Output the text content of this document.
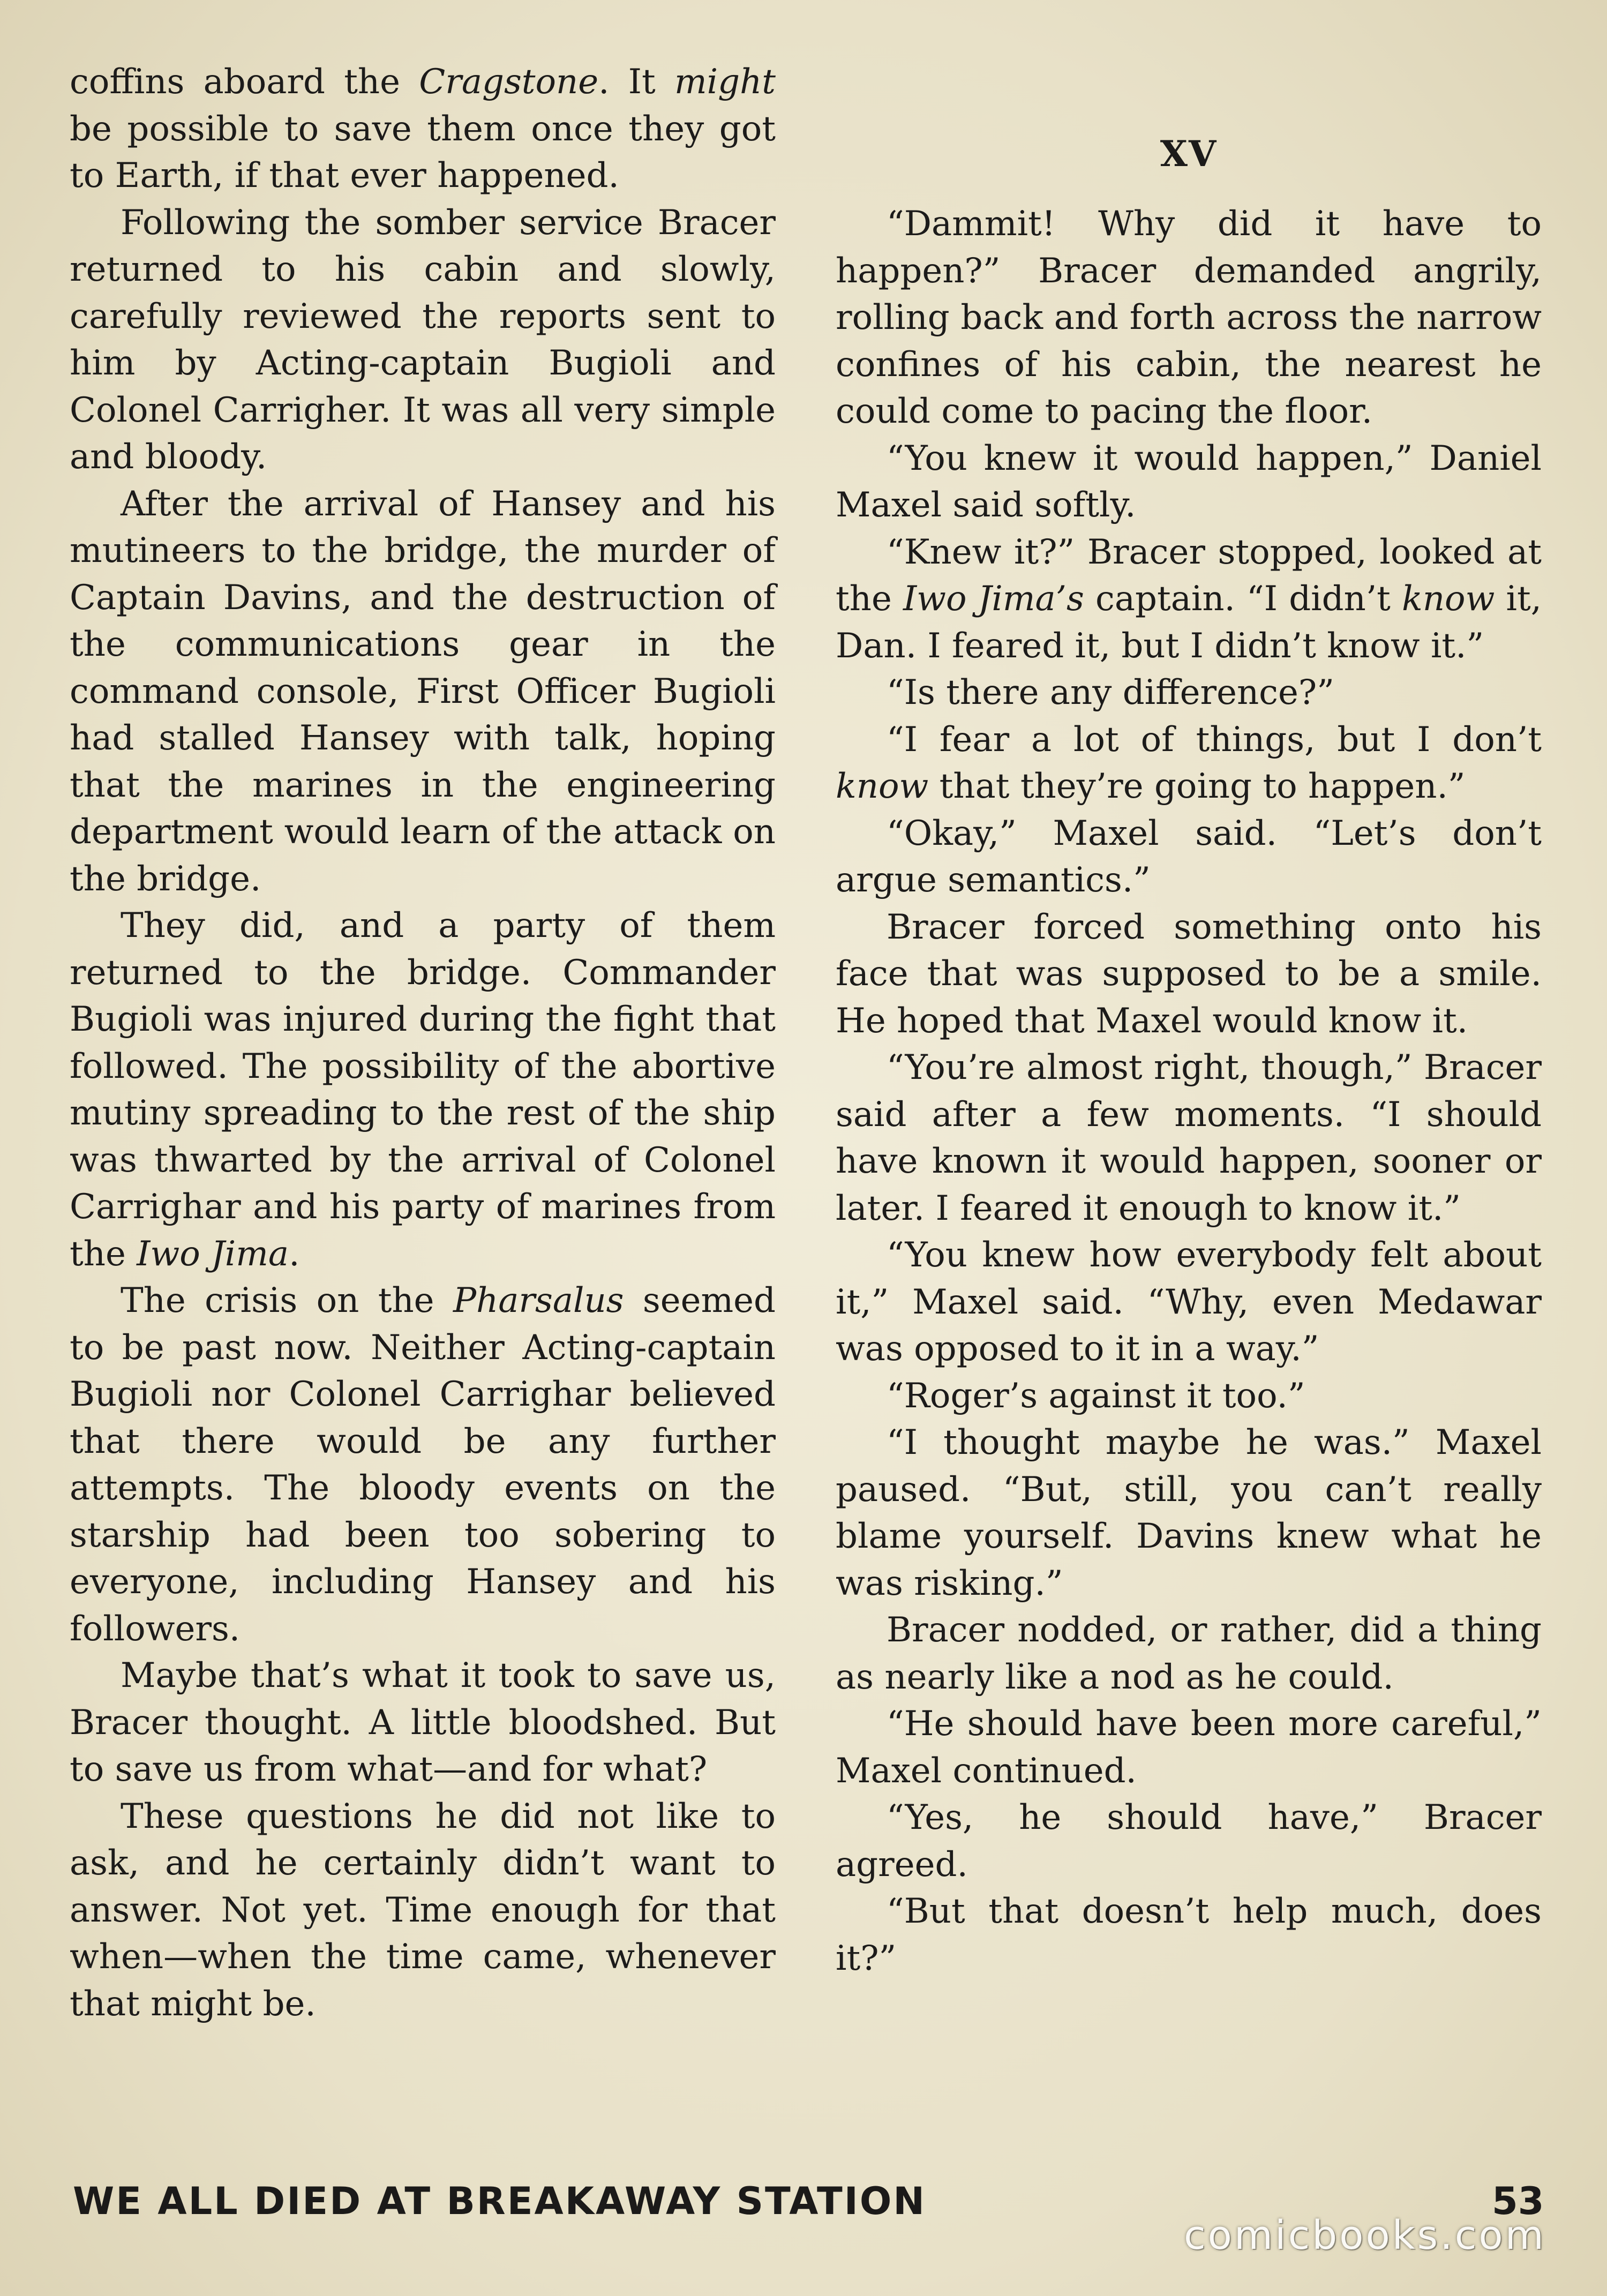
coffins aboard the Cragstone. It might be possible to save them once they got to Earth, if that ever happened.

Following the somber service Bracer returned to his cabin and slowly, carefully reviewed the reports sent to him by Acting-captain Bugioli and Colonel Carrigher. It was all very simple and bloody.

After the arrival of Hansey and his mutineers to the bridge, the murder of Captain Davins, and the destruction of the communications gear in the command console, First Officer Bugioli had stalled Hansey with talk, hoping that the marines in the engineering department would learn of the attack on the bridge.

They did, and a party of them returned to the bridge. Commander Bugioli was injured during the fight that followed. The possibility of the abortive mutiny spreading to the rest of the ship was thwarted by the arrival of Colonel Carrighar and his party of marines from the Iwo Jima.

The crisis on the Pharsalus seemed to be past now. Neither Acting-captain Bugioli nor Colonel Carrighar believed that there would be any further attempts. The bloody events on the starship had been too sobering to everyone, including Hansey and his followers.

Maybe that’s what it took to save us, Bracer thought. A little bloodshed. But to save us from what—and for what?

These questions he did not like to ask, and he certainly didn’t want to answer. Not yet. Time enough for that when—when the time came, whenever that might be.

XV

“Dammit! Why did it have to happen?” Bracer demanded angrily, rolling back and forth across the narrow confines of his cabin, the nearest he could come to pacing the floor.

“You knew it would happen,” Daniel Maxel said softly.

“Knew it?” Bracer stopped, looked at the Iwo Jima’s captain. “I didn’t know it, Dan. I feared it, but I didn’t know it.”

“Is there any difference?”

“I fear a lot of things, but I don’t know that they’re going to happen.”

“Okay,” Maxel said. “Let’s don’t argue semantics.”

Bracer forced something onto his face that was supposed to be a smile. He hoped that Maxel would know it.

“You’re almost right, though,” Bracer said after a few moments. “I should have known it would happen, sooner or later. I feared it enough to know it.”

“You knew how everybody felt about it,” Maxel said. “Why, even Medawar was opposed to it in a way.”

“Roger’s against it too.”

“I thought maybe he was.” Maxel paused. “But, still, you can’t really blame yourself. Davins knew what he was risking.”

Bracer nodded, or rather, did a thing as nearly like a nod as he could.

“He should have been more careful,” Maxel continued.

“Yes, he should have,” Bracer agreed.

“But that doesn’t help much, does it?”

WE ALL DIED AT BREAKAWAY STATION	53
comicbooks.com
